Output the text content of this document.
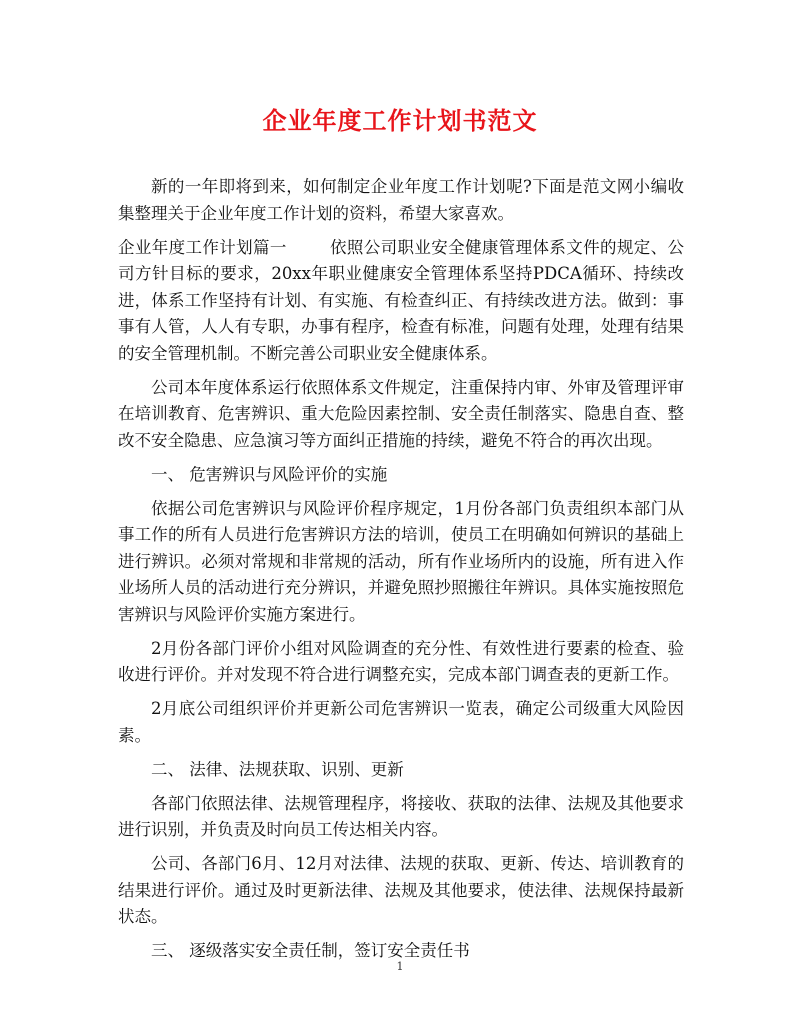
企业年度工作计划书范文

新的一年即将到来，如何制定企业年度工作计划呢?下面是范文网小编收集整理关于企业年度工作计划的资料，希望大家喜欢。

企业年度工作计划篇一	依照公司职业安全健康管理体系文件的规定、公司方针目标的要求，20xx年职业健康安全管理体系坚持PDCA循环、持续改进，体系工作坚持有计划、有实施、有检查纠正、有持续改进方法。做到：事事有人管，人人有专职，办事有程序，检查有标准，问题有处理，处理有结果的安全管理机制。不断完善公司职业安全健康体系。

公司本年度体系运行依照体系文件规定，注重保持内审、外审及管理评审在培训教育、危害辨识、重大危险因素控制、安全责任制落实、隐患自查、整改不安全隐患、应急演习等方面纠正措施的持续，避免不符合的再次出现。

一、 危害辨识与风险评价的实施

依据公司危害辨识与风险评价程序规定，1月份各部门负责组织本部门从事工作的所有人员进行危害辨识方法的培训，使员工在明确如何辨识的基础上进行辨识。必须对常规和非常规的活动，所有作业场所内的设施，所有进入作业场所人员的活动进行充分辨识，并避免照抄照搬往年辨识。具体实施按照危害辨识与风险评价实施方案进行。

2月份各部门评价小组对风险调查的充分性、有效性进行要素的检查、验收进行评价。并对发现不符合进行调整充实，完成本部门调查表的更新工作。

2月底公司组织评价并更新公司危害辨识一览表，确定公司级重大风险因素。

二、 法律、法规获取、识别、更新

各部门依照法律、法规管理程序，将接收、获取的法律、法规及其他要求进行识别，并负责及时向员工传达相关内容。

公司、各部门6月、12月对法律、法规的获取、更新、传达、培训教育的结果进行评价。通过及时更新法律、法规及其他要求，使法律、法规保持最新状态。

三、 逐级落实安全责任制，签订安全责任书

1
